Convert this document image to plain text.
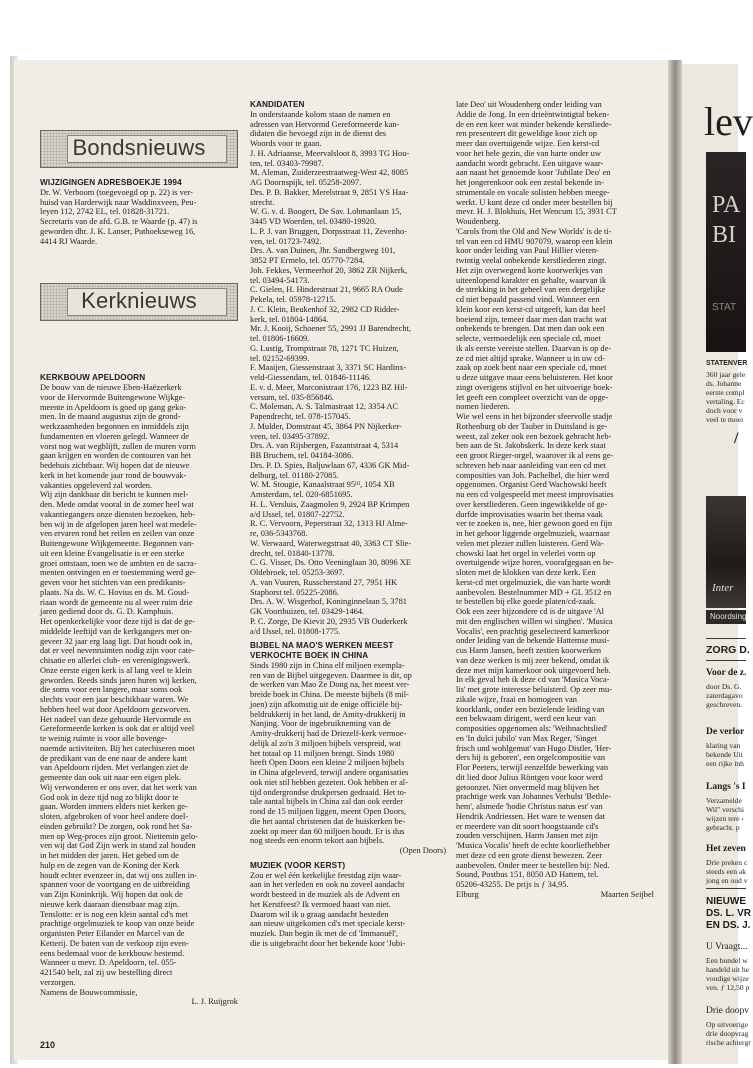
lev
PA
BI
STAT
STATENVER
360 jaar gele
ds. Johanne
eerste compl
vertaling. Ec
doch voor v
veel te moei
/
Inter
Noordsing
ZORG D.
Voor de z.
door Ds. G.
zaterdagavo
geschreven.
De verlor
klaring van
bekende Uit
een rijke inh
Langs 's I
Verzamelde
Wil" verschi
wijzen tere ›
gebracht. p
Het zeven
Drie preken c
steeds een ak
jong en oud v
NIEUWE
DS. L. VR
EN DS. J.
U Vraagt...
Een bundel w
handeld uit he
voudige wijze
ven. ƒ 12,50 p
Drie doopv
Op uitvoerige
drie doopvrag
rische achtergr
Bondsnieuws
Kerknieuws

WIJZIGINGEN ADRESBOEKJE 1994

Dr. W. Verboom (toegevoegd op p. 22) is ver-
huisd van Harderwijk naar Waddinxveen, Peu-
leyen 112, 2742 EL, tel. 01828-31721.
Secretaris van de afd. G.B. te Waarde (p. 47) is
geworden dhr. J. K. Lanser, Puthoekseweg 16,
4414 RJ Waarde.

KERKBOUW APELDOORN

De bouw van de nieuwe Eben-Haëzerkerk
voor de Hervormde Buitengewone Wijkge-
meente in Apeldoorn is goed op gang geko-
men. In de maand augustus zijn de grond-
werkzaamheden begonnen en inmiddels zijn
fundamenten en vloeren gelegd. Wanneer de
vorst nog wat wegblijft, zullen de muren vorm
gaan krijgen en worden de contouren van het
bedehuis zichtbaar. Wij hopen dat de nieuwe
kerk in het komende jaar rond de bouwvak-
vakanties opgeleverd zal worden.
Wij zijn dankbaar dit bericht te kunnen mel-
den. Mede omdat vooral in de zomer heel wat
vakantiegangers onze diensten bezoeken, heb-
ben wij in de afgelopen jaren heel wat medele-
ven ervaren rond het reilen en zeilen van onze
Buitengewone Wijkgemeente. Begonnen van-
uit een kleine Evangelisatie is er een sterke
groei ontstaan, toen we de ambten en de sacra-
menten ontvingen en er toestemming werd ge-
geven voor het stichten van een predikants-
plaats. Na ds. W. C. Hovius en ds. M. Goud-
riaan wordt de gemeente nu al weer ruim drie
jaren gediend door ds. G. D. Kamphuis.
Het openkerkelijke voor deze tijd is dat de ge-
middelde leeftijd van de kerkgangers met on-
geveer 32 jaar erg laag ligt. Dat houdt ook in,
dat er veel nevenruimten nodig zijn voor cate-
chisatie en allerlei club- en verenigingswerk.
Onze eerste eigen kerk is al lang veel te klein
geworden. Reeds sinds jaren huren wij kerken,
die soms voor een langere, maar soms ook
slechts voor een jaar beschikbaar waren. We
hebben heel wat door Apeldoorn gezworven.
Het nadeel van deze gehuurde Hervormde en
Gereformeerde kerken is ook dat er altijd veel
te weinig ruimte is voor alle bovenge-
noemde activiteiten. Bij het catechiseren moet
de predikant van de ene naar de andere kant
van Apeldoorn rijden. Met verlangen ziet de
gemeente dan ook uit naar een eigen plek.
Wij verwonderen er ons over, dat het werk van
God ook in deze tijd nog zo blijkt door te
gaan. Worden immers elders niet kerken ge-
sloten, afgebroken of voor heel andere doel-
einden gebruikt? De zorgen, ook rond het Sa-
men op Weg-proces zijn groot. Niettemin gelo-
ven wij dat God Zijn werk in stand zal houden
in het midden der jaren. Het gebed om de
hulp en de zegen van de Koning der Kerk
houdt echter evenzeer in, dat wij ons zullen in-
spannen voor de voortgang en de uitbreiding
van Zijn Koninkrijk. Wij hopen dat ook de
nieuwe kerk daaraan dienstbaar mag zijn.
Tenslotte: er is nog een klein aantal cd's met
prachtige orgelmuziek te koop van onze beide
organisten Peter Eilander en Marcel van de
Ketterij. De baten van de verkoop zijn even-
eens bedemaal voor de kerkbouw bestemd.
Wanneer u mevr. D. Apeldoorn, tel. 055-
421540 belt, zal zij uw bestelling direct
verzorgen.
Namens de Bouwcommissie,

L. J. Ruijgrok

KANDIDATEN

In onderstaande kolom staan de namen en
adressen van Hervormd Gereformeerde kan-
didaten die bevoegd zijn in de dienst des
Woords voor te gaan.
J. H. Adriaanse, Meervalsloot 8, 3993 TG Hou-
ten, tel. 03403-79987.
M. Aleman, Zuiderzeestraatweg-West 42, 8085
AG Doornspijk, tel. 05258-2097.
Drs. P. B. Bakker, Merelstraat 9, 2851 VS Haa-
strecht.
W. G. v. d. Boogert, De Sav. Lohmanlaan 15,
3445 VD Woerden, tel. 03480-19920.
L. P. J. van Bruggen, Dorpsstraat 11, Zevenho-
ven, tel. 01723-7492.
Drs. A. van Duinen, Jhr. Sandbergweg 101,
3852 PT Ermelo, tel. 05770-7284.
Joh. Fekkes, Vermeerhof 20, 3862 ZR Nijkerk,
tel. 03494-54173.
C. Gielen, H. Hinderstraat 21, 9665 RA Oude
Pekela, tel. 05978-12715.
J. C. Klein, Beukenhof 32, 2982 CD Ridder-
kerk, tel. 01804-14864.
Mr. J. Kooij, Schoener 55, 2991 JJ Barendrecht,
tel. 01806-16609.
G. Lustig, Trompstraat 78, 1271 TC Huizen,
tel. 02152-69399.
F. Maaijen, Giessenstraat 3, 3371 SC Hardinx-
veld-Giessendam, tel. 01846-11146.
E. v. d. Meer, Marconistraat 176, 1223 BZ Hil-
versum, tel. 035-856846.
C. Moleman, A. S. Talmastraat 12, 3354 AC
Papendrecht, tel. 078-157045.
J. Mulder, Domstraat 45, 3864 PN Nijkerker-
veen, tel. 03495-37892.
Drs. A. van Rijsbergen, Fazantstraat 4, 5314
BB Bruchem, tel. 04184-3086.
Drs. P. D. Spies, Baljuwlaan 67, 4336 GK Mid-
delburg, tel. 01180-27085.
W. M. Stougie, Kanaalstraat 95ᴵᴵᴵ, 1054 XB
Amsterdam, tel. 020-6851695.
H. L. Versluis, Zaagmolen 9, 2924 BP Krimpen
a/d IJssel, tel. 01807-22752.
R. C. Vervoorn, Peperstraat 32, 1313 HJ Alme-
re, 036-5343768.
W. Verwaard, Waterwegstraat 40, 3363 CT Slie-
drecht, tel. 01840-13778.
C. G. Visser, Ds. Otto Veeninglaan 30, 8096 XE
Oldebroek, tel. 05253-3697.
A. van Vuuren, Russcherstand 27, 7951 HK
Staphorst tel. 05225-2086.
Drs. A. W. Wisgerhof, Koninginnelaan 5, 3781
GK Voorthuizen, tel. 03429-1464.
P. C. Zorge, De Kievit 20, 2935 VB Ouderkerk
a/d IJssel, tel. 01808-1775.

BIJBEL NA MAO'S WERKEN MEEST

VERKOCHTE BOEK IN CHINA

Sinds 1980 zijn in China elf miljoen exempla-
ren van de Bijbel uitgegeven. Daarmee is dit, op
de werken van Mao Ze Dong na, het meest ver-
breide boek in China. De meeste bijbels (8 mil-
joen) zijn afkomstig uit de enige officiële bij-
beldrukkerij in het land, de Amity-drukkerij in
Nanjing. Voor de ingebruikneming van de
Amity-drukkerij had de Driezelf-kerk vermoe-
delijk al zo'n 3 miljoen bijbels verspreid, wat
het totaal op 11 miljoen brengt. Sinds 1980
heeft Open Doors een kleine 2 miljoen bijbels
in China afgeleverd, terwijl andere organisaties
ook niet stil hebben gezeten. Ook hebben er al-
tijd ondergrondse drukpersen gedraaid. Het to-
tale aantal bijbels in China zal dan ook eerder
rond de 15 miljoen liggen, meent Open Doors,
die het aantal christenen dat de huiskerken be-
zoekt op meer dan 60 miljoen houdt. Er is dus
nog steeds een enorm tekort aan bijbels.

(Open Doors)

MUZIEK (VOOR KERST)

Zou er wel één kerkelijke feestdag zijn waar-
aan in het verleden en ook nu zoveel aandacht
wordt besteed in de muziek als de Advent en
het Kerstfeest? Ik vermoed haast van niet.
Daarom wil ik u graag aandacht besteden
aan nieuw uitgekomen cd's met speciale kerst-
muziek. Dan begin ik met de cd 'Immanuël',
die is uitgebracht door het bekende koor 'Jubi-
late Deo' uit Woudenberg onder leiding van
Addie de Jong. In een drieëntwintigtal beken-
de en een keer wat minder bekende kerstliede-
ren presenteert dit geweldige koor zich op
meer dan overtuigende wijze. Een kerst-cd
voor het hele gezin, die van harte onder uw
aandacht wordt gebracht. Een uitgave waar-
aan naast het genoemde koor 'Jubilate Deo' en
het jongerenkoor ook een zestal bekende in-
strumentale en vocale solisten hebben meege-
werkt. U kunt deze cd onder meer bestellen bij
mevr. H. J. Blokhuis, Het Wencum 15, 3931 CT
Woudenberg.
'Carols from the Old and New Worlds' is de ti-
tel van een cd HMU 907079, waarop een klein
koor onder leiding van Paul Hillier vieren-
twintig veelal onbekende kerstliederen zingt.
Het zijn overwegend korte koorwerkjes van
uiteenlopend karakter en gehalte, waarvan ik
de strekking in het geheel van een dergelijke
cd niet bepaald passend vind. Wanneer een
klein koor een kerst-cd uitgeeft, kan dat heel
boeiend zijn, temeer daar men dan tracht wat
onbekends te brengen. Dat men dan ook een
selecte, vermoedelijk een speciale cd, moet
ik als eerste vereiste stellen. Daarvan is op de-
ze cd niet altijd sprake. Wanneer u in uw cd-
zaak op zoek bent naar een speciale cd, moet
u deze uitgave maar eens beluisteren. Het koor
zingt overigens stijlvol en het uitvoerige boek-
let geeft een compleet overzicht van de opge-
nomen liederen.
Wie wel eens in het bijzonder sfeervolle stadje
Rothenburg ob der Tauber in Duitsland is ge-
weest, zal zeker ook een bezoek gebracht heb-
ben aan de St. Jakobskerk. In deze kerk staat
een groot Rieger-orgel, waarover ik al eens ge-
schreven heb naar aanleiding van een cd met
composities van Joh. Pachelbel, die hier werd
opgenomen. Organist Gerd Wachowski heeft
nu een cd volgespeeld met meest improvisaties
over kerstliederen. Geen ingewikkelde of ge-
durfde improvisaties waarin het thema vaak
ver te zoeken is, nee, hier gewoon goed en fijn
in het gehoor liggende orgelmuziek, waarnaar
velen met plezier zullen luisteren. Gerd Wa-
chowski laat het orgel in velerlei vorm op
overtuigende wijze horen, voorafgegaan en be-
sloten met de klokken van deze kerk. Een
kerst-cd met orgelmuziek, die van harte wordt
aanbevolen. Bestelnummer MD + GL 3512 en
te bestellen bij elke goede platen/cd-zaak.
Ook een zeer bijzondere cd is de uitgave 'Al
mit den englischen willen wi singhen'. 'Musica
Vocalis', een prachtig geselecteerd kamerkoor
onder leiding van de bekende Hattemse musi-
cus Harm Jansen, heeft zestien koorwerken
van deze werken is mij zeer bekend, omdat ik
deze met mijn kamerkoor ook uitgevoerd heb.
In elk geval heb ik deze cd van 'Musica Voca-
lis' met grote interesse beluisterd. Op zeer mu-
zikale wijze, fraai en homogeen van
koorklank, onder een bezielende leiding van
een bekwaam dirigent, werd een keur van
composities opgenomen als: 'Weihnachtslied'
en 'In dulci jubilo' van Max Reger, 'Singet
frisch und wohlgemut' van Hugo Distler, 'Her-
ders hij is geboren', een orgelcompositie van
Flor Peeters, terwijl eenzelfde bewerking van
dit lied door Julius Röntgen voor koor werd
getoonzet. Niet onvermeld mag blijven het
prachtige werk van Johannes Verhulst 'Bethle-
hem', alsmede 'hodie Christus natus est' van
Hendrik Andriessen. Het ware te wensen dat
er meerdere van dit soort hoogstaande cd's
zouden verschijnen. Harm Jansen met zijn
'Musica Vocalis' heeft de echte koorliefhebber
met deze cd een grote dienst bewezen. Zeer
aanbevolen. Onder meer te bestellen bij: Ned.
Sound, Postbus 151, 8050 AD Hattem, tel.
05206-43255. De prijs is ƒ 34,95.
Elburg	Maarten Seijbel
210
